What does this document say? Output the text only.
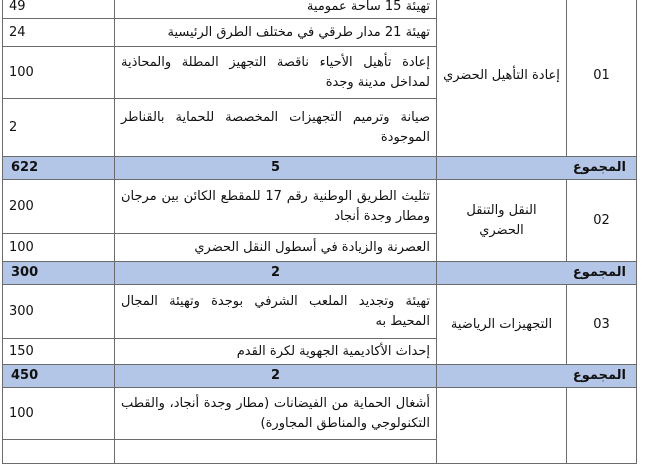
49	تهيئة 15 ساحة عمومية	إعادة التأهيل الحضري	01
24	تهيئة 21 مدار طرقي في مختلف الطرق الرئيسية		
100	إعادة تأهيل الأحياء ناقصة التجهيز المطلة والمحاذية لمداخل مدينة وجدة		
2	صيانة وترميم التجهيزات المخصصة للحماية بالقناطر الموجودة		
622	5	المجموع	
200	تثليث الطريق الوطنية رقم 17 للمقطع الكائن بين مرجان ومطار وجدة أنجاد	النقل والتنقل الحضري	02
100	العصرنة والزيادة في أسطول النقل الحضري		
300	2	المجموع	
300	تهيئة وتجديد الملعب الشرفي بوجدة وتهيئة المجال المحيط به	التجهيزات الرياضية	03
150	إحداث الأكاديمية الجهوية لكرة القدم		
450	2	المجموع	
100	أشغال الحماية من الفيضانات (مطار وجدة أنجاد، والقطب التكنولوجي والمناطق المجاورة)		
